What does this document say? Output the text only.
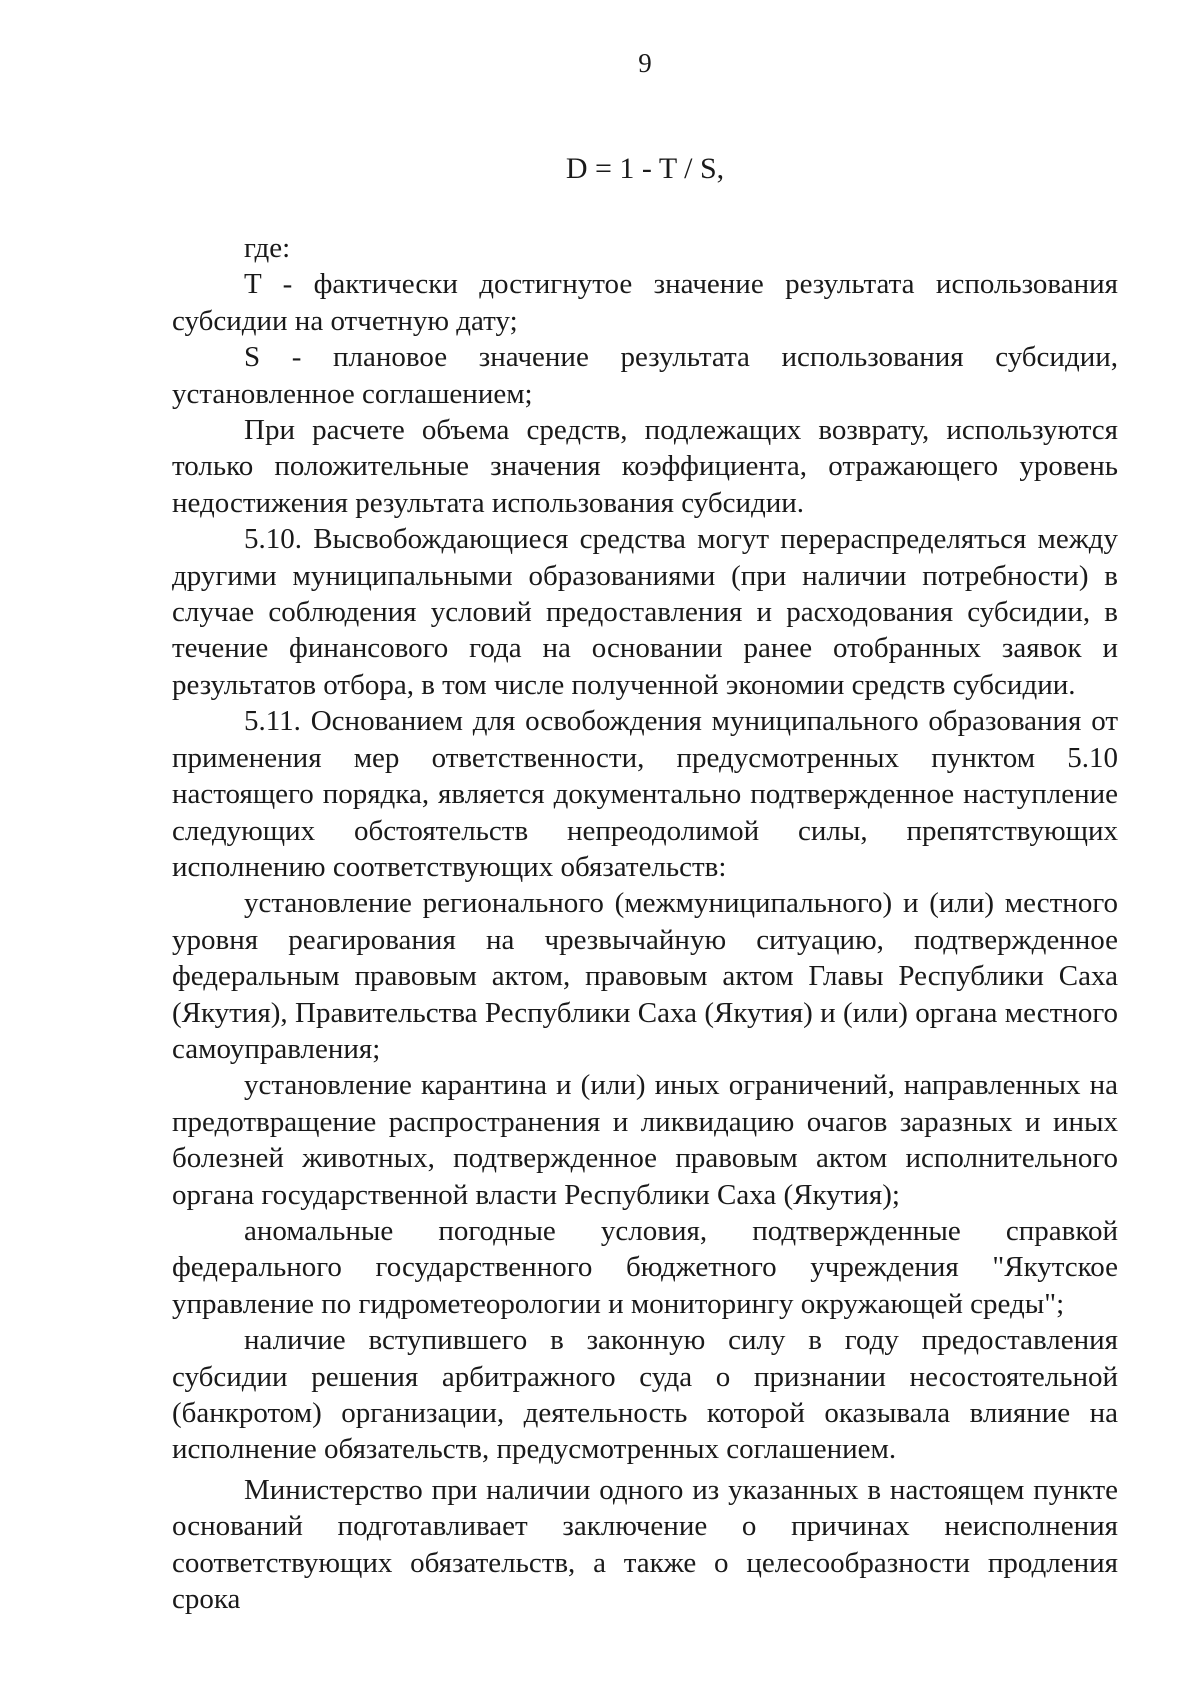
9
D = 1 - T / S,

где:

T - фактически достигнутое значение результата использования субсидии на отчетную дату;

S - плановое значение результата использования субсидии, установленное соглашением;

При расчете объема средств, подлежащих возврату, используются только положительные значения коэффициента, отражающего уровень недостижения результата использования субсидии.

5.10. Высвобождающиеся средства могут перераспределяться между другими муниципальными образованиями (при наличии потребности) в случае соблюдения условий предоставления и расходования субсидии, в течение финансового года на основании ранее отобранных заявок и результатов отбора, в том числе полученной экономии средств субсидии.

5.11. Основанием для освобождения муниципального образования от применения мер ответственности, предусмотренных пунктом 5.10 настоящего порядка, является документально подтвержденное наступление следующих обстоятельств непреодолимой силы, препятствующих исполнению соответствующих обязательств:

установление регионального (межмуниципального) и (или) местного уровня реагирования на чрезвычайную ситуацию, подтвержденное федеральным правовым актом, правовым актом Главы Республики Саха (Якутия), Правительства Республики Саха (Якутия) и (или) органа местного самоуправления;

установление карантина и (или) иных ограничений, направленных на предотвращение распространения и ликвидацию очагов заразных и иных болезней животных, подтвержденное правовым актом исполнительного органа государственной власти Республики Саха (Якутия);

аномальные погодные условия, подтвержденные справкой федерального государственного бюджетного учреждения "Якутское управление по гидрометеорологии и мониторингу окружающей среды";

наличие вступившего в законную силу в году предоставления субсидии решения арбитражного суда о признании несостоятельной (банкротом) организации, деятельность которой оказывала влияние на исполнение обязательств, предусмотренных соглашением.

Министерство при наличии одного из указанных в настоящем пункте оснований подготавливает заключение о причинах неисполнения соответствующих обязательств, а также о целесообразности продления срока
